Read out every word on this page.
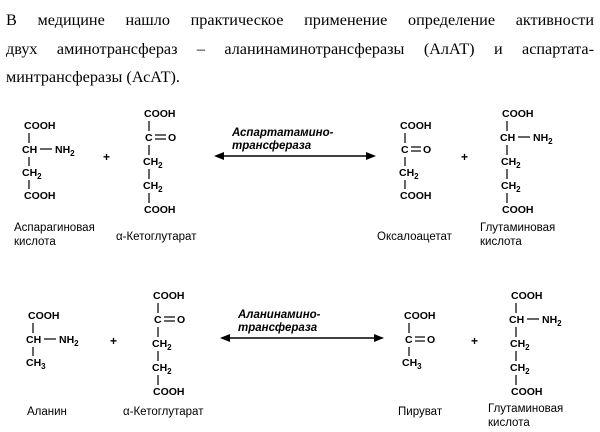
В медицине нашло практическое применение определение активности
двух аминотрансфераз – аланинаминотрансферазы (АлАТ) и аспартата-
минтрансферазы (АсАТ).
COOH
CH $NH_2$
$CH_2$
COOH
Аспарагиновая
кислота
+
COOH
C O
$CH_2$
$CH_2$
COOH
α-Кетоглутарат
Аспартатамино-
трансфераза
COOH
C O
$CH_2$
COOH
Оксалоацетат
+
COOH
CH $NH_2$
$CH_2$
$CH_2$
COOH
Глутаминовая
кислота
COOH
CH $NH_2$
$CH_3$
Аланин
+
COOH
C O
$CH_2$
$CH_2$
COOH
α-Кетоглутарат
Аланинамино-
трансфераза
COOH
C O
$CH_3$
Пируват
+
COOH
CH $NH_2$
$CH_2$
$CH_2$
COOH
Глутаминовая
кислота
